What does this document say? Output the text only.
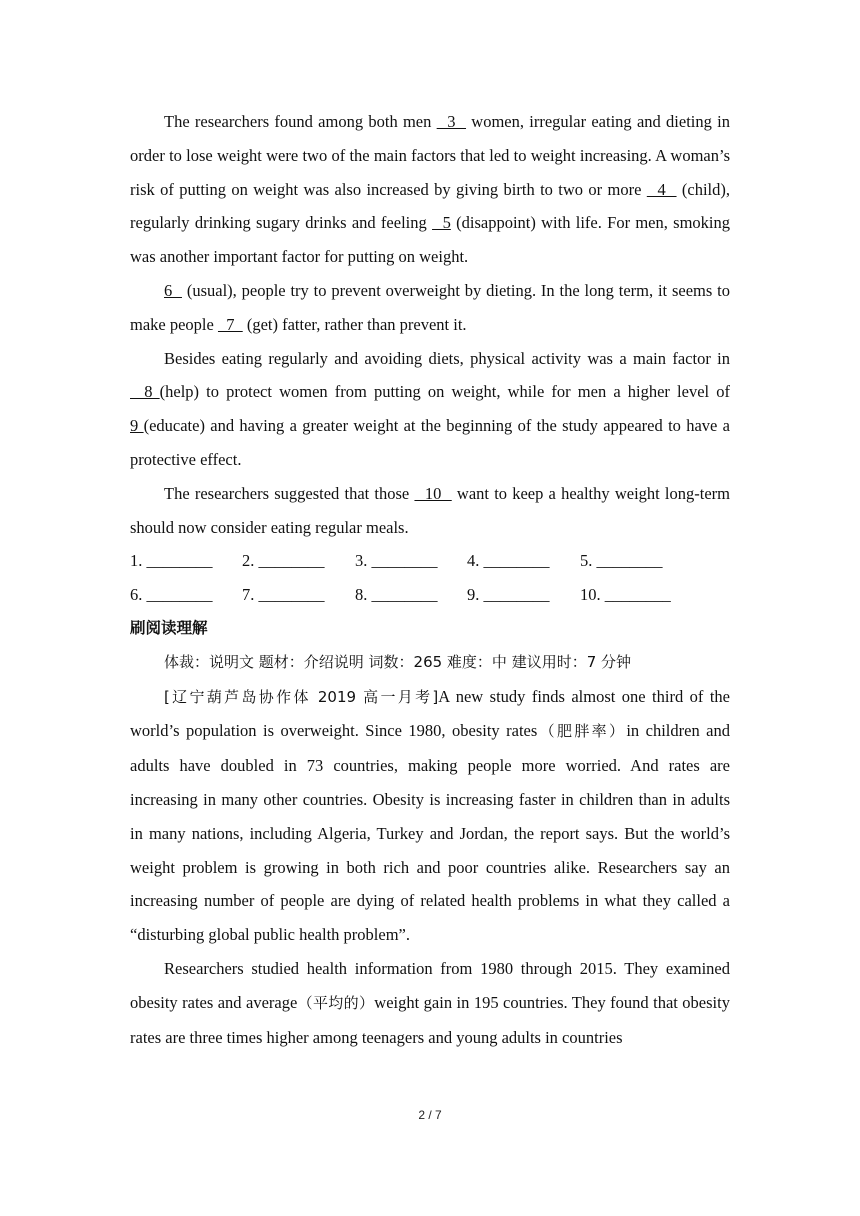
The researchers found among both men   3   women, irregular eating and dieting in order to lose weight were two of the main factors that led to weight increasing. A woman’s risk of putting on weight was also increased by giving birth to two or more   4   (child), regularly drinking sugary drinks and feeling   5 (disappoint) with life. For men, smoking was another important factor for putting on weight.

6   (usual), people try to prevent overweight by dieting. In the long term, it seems to make people   7   (get) fatter, rather than prevent it.

Besides eating regularly and avoiding diets, physical activity was a main factor in   8 (help) to protect women from putting on weight, while for men a higher level of 9 (educate) and having a greater weight at the beginning of the study appeared to have a protective effect.

The researchers suggested that those   10   want to keep a healthy weight long-term should now consider eating regular meals.

1. ________	2. ________	3. ________	4. ________	5. ________
6. ________	7. ________	8. ________	9. ________	10. ________

刷阅读理解

体裁：说明文 题材：介绍说明 词数：265 难度：中 建议用时：7 分钟

[辽宁葫芦岛协作体 2019 高一月考]A new study finds almost one third of the world’s population is overweight. Since 1980, obesity rates（肥胖率）in children and adults have doubled in 73 countries, making people more worried. And rates are increasing in many other countries. Obesity is increasing faster in children than in adults in many nations, including Algeria, Turkey and Jordan, the report says. But the world’s weight problem is growing in both rich and poor countries alike. Researchers say an increasing number of people are dying of related health problems in what they called a “disturbing global public health problem”.

Researchers studied health information from 1980 through 2015. They examined obesity rates and average（平均的）weight gain in 195 countries. They found that obesity rates are three times higher among teenagers and young adults in countries

2 / 7
